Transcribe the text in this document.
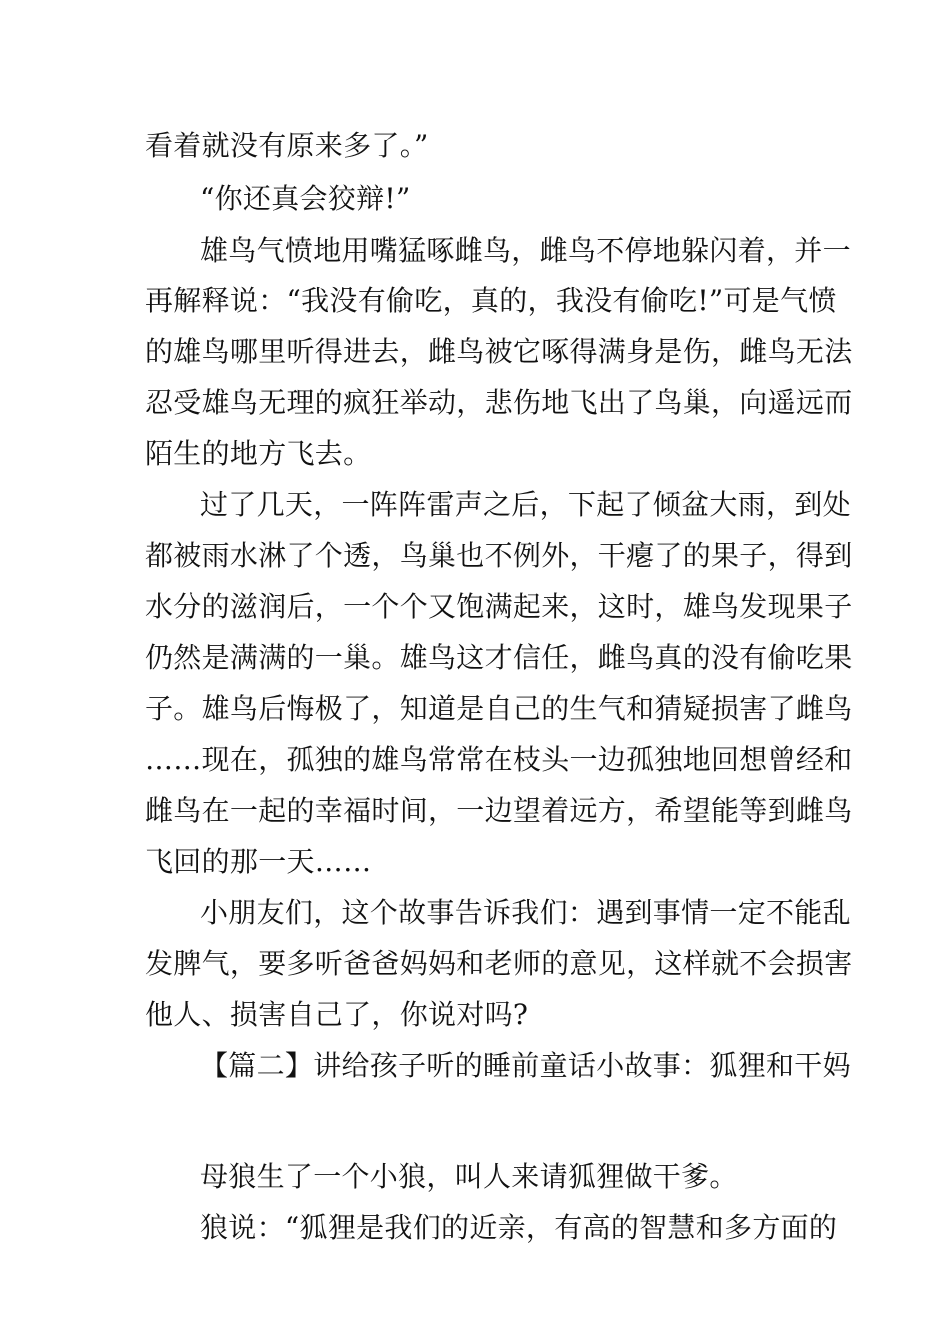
看着就没有原来多了。”
“你还真会狡辩!”
雄鸟气愤地用嘴猛啄雌鸟，雌鸟不停地躲闪着，并一
再解释说：“我没有偷吃，真的，我没有偷吃!”可是气愤
的雄鸟哪里听得进去，雌鸟被它啄得满身是伤，雌鸟无法
忍受雄鸟无理的疯狂举动，悲伤地飞出了鸟巢，向遥远而
陌生的地方飞去。
过了几天，一阵阵雷声之后，下起了倾盆大雨，到处
都被雨水淋了个透，鸟巢也不例外，干瘪了的果子，得到
水分的滋润后，一个个又饱满起来，这时，雄鸟发现果子
仍然是满满的一巢。雄鸟这才信任，雌鸟真的没有偷吃果
子。雄鸟后悔极了，知道是自己的生气和猜疑损害了雌鸟
……现在，孤独的雄鸟常常在枝头一边孤独地回想曾经和
雌鸟在一起的幸福时间，一边望着远方，希望能等到雌鸟
飞回的那一天……
小朋友们，这个故事告诉我们：遇到事情一定不能乱
发脾气，要多听爸爸妈妈和老师的意见，这样就不会损害
他人、损害自己了，你说对吗?
【篇二】讲给孩子听的睡前童话小故事：狐狸和干妈
母狼生了一个小狼，叫人来请狐狸做干爹。
狼说：“狐狸是我们的近亲，有高的智慧和多方面的
